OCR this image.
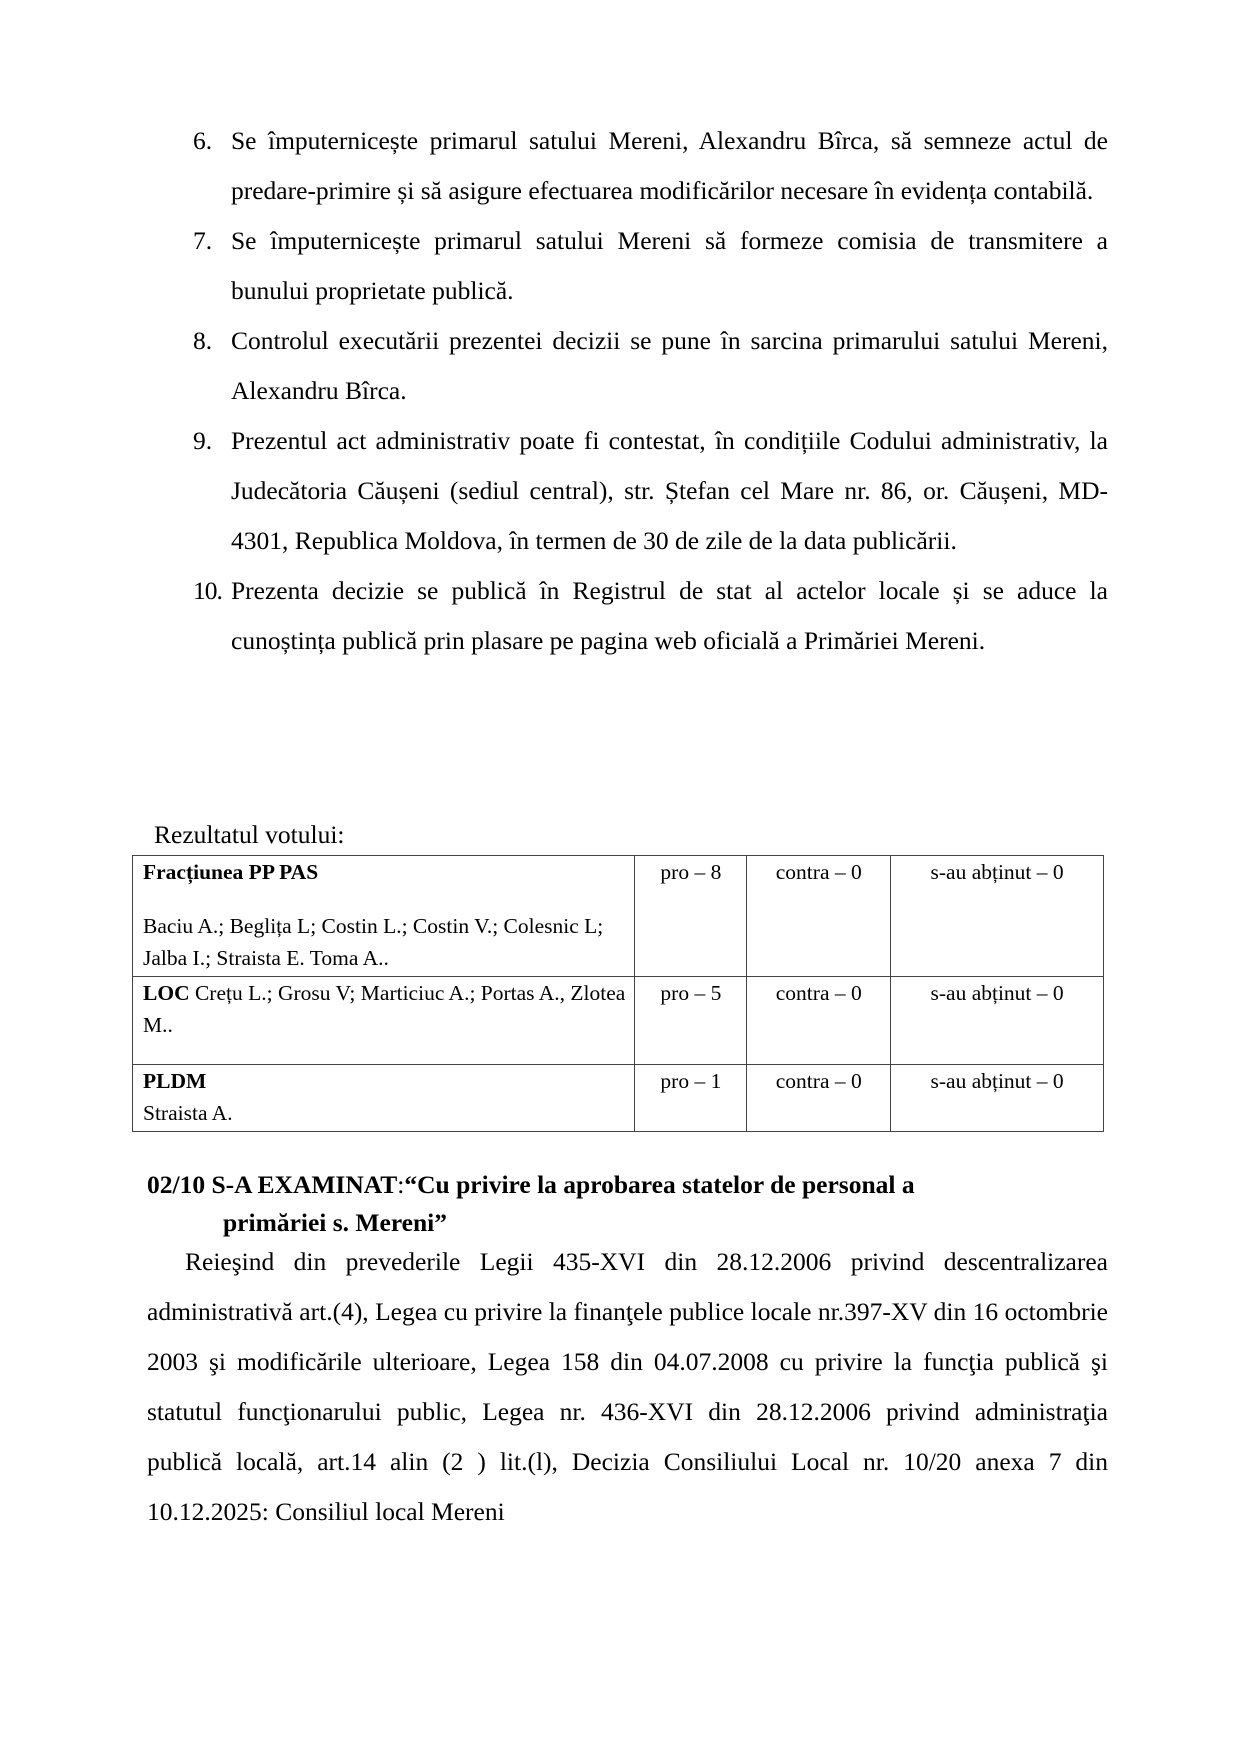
6. Se împuternicește primarul satului Mereni, Alexandru Bîrca, să semneze actul de predare-primire și să asigure efectuarea modificărilor necesare în evidența contabilă.
7. Se împuternicește primarul satului Mereni să formeze comisia de transmitere a bunului proprietate publică.
8. Controlul executării prezentei decizii se pune în sarcina primarului satului Mereni, Alexandru Bîrca.
9. Prezentul act administrativ poate fi contestat, în condițiile Codului administrativ, la Judecătoria Căușeni (sediul central), str. Ștefan cel Mare nr. 86, or. Căușeni, MD-4301, Republica Moldova, în termen de 30 de zile de la data publicării.
10. Prezenta decizie se publică în Registrul de stat al actelor locale și se aduce la cunoștința publică prin plasare pe pagina web oficială a Primăriei Mereni.
Rezultatul votului:
Fracțiunea PP PAS
Baciu A.; Beglița L; Costin L.; Costin V.; Colesnic L; Jalba I.; Straista E. Toma A..	pro – 8	contra – 0	s-au abținut – 0
LOC Crețu L.; Grosu V; Marticiuc A.; Portas A., Zlotea M..	pro – 5	contra – 0	s-au abținut – 0
PLDM
Straista A.	pro – 1	contra – 0	s-au abținut – 0
02/10 S-A EXAMINAT:“Cu privire la aprobarea statelor de personal a
primăriei s. Mereni”
Reieşind din prevederile Legii 435-XVI din 28.12.2006 privind descentralizarea administrativă art.(4), Legea cu privire la finanţele publice locale nr.397-XV din 16 octombrie 2003 şi modificările ulterioare, Legea 158 din 04.07.2008 cu privire la funcţia publică şi statutul funcţionarului public, Legea nr. 436-XVI din 28.12.2006 privind administraţia publică locală, art.14 alin (2 ) lit.(l), Decizia Consiliului Local nr. 10/20 anexa 7 din 10.12.2025: Consiliul local Mereni
